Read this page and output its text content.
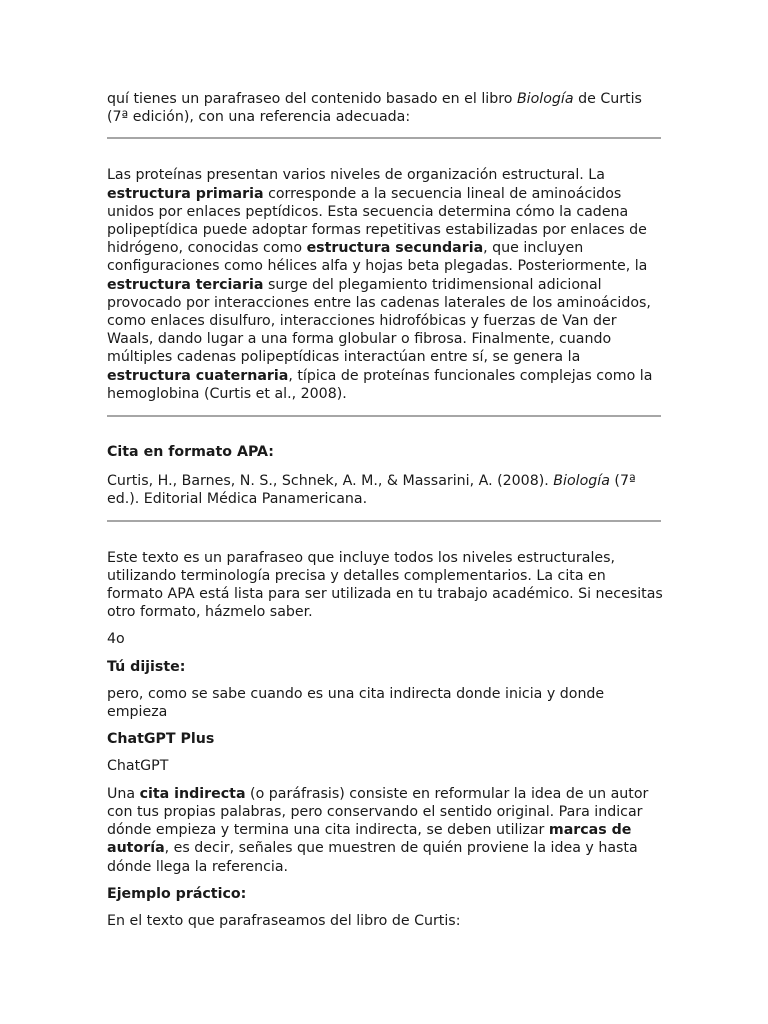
quí tienes un parafraseo del contenido basado en el libro Biología de Curtis (7ª edición), con una referencia adecuada:

Las proteínas presentan varios niveles de organización estructural. La estructura primaria corresponde a la secuencia lineal de aminoácidos unidos por enlaces peptídicos. Esta secuencia determina cómo la cadena polipeptídica puede adoptar formas repetitivas estabilizadas por enlaces de hidrógeno, conocidas como estructura secundaria, que incluyen configuraciones como hélices alfa y hojas beta plegadas. Posteriormente, la estructura terciaria surge del plegamiento tridimensional adicional provocado por interacciones entre las cadenas laterales de los aminoácidos, como enlaces disulfuro, interacciones hidrofóbicas y fuerzas de Van der Waals, dando lugar a una forma globular o fibrosa. Finalmente, cuando múltiples cadenas polipeptídicas interactúan entre sí, se genera la estructura cuaternaria, típica de proteínas funcionales complejas como la hemoglobina (Curtis et al., 2008).

Cita en formato APA:

Curtis, H., Barnes, N. S., Schnek, A. M., & Massarini, A. (2008). Biología (7ª ed.). Editorial Médica Panamericana.

Este texto es un parafraseo que incluye todos los niveles estructurales, utilizando terminología precisa y detalles complementarios. La cita en formato APA está lista para ser utilizada en tu trabajo académico. Si necesitas otro formato, házmelo saber.

4o

Tú dijiste:

pero, como se sabe cuando es una cita indirecta donde inicia y donde empieza

ChatGPT Plus

ChatGPT

Una cita indirecta (o paráfrasis) consiste en reformular la idea de un autor con tus propias palabras, pero conservando el sentido original. Para indicar dónde empieza y termina una cita indirecta, se deben utilizar marcas de autoría, es decir, señales que muestren de quién proviene la idea y hasta dónde llega la referencia.

Ejemplo práctico:

En el texto que parafraseamos del libro de Curtis:
